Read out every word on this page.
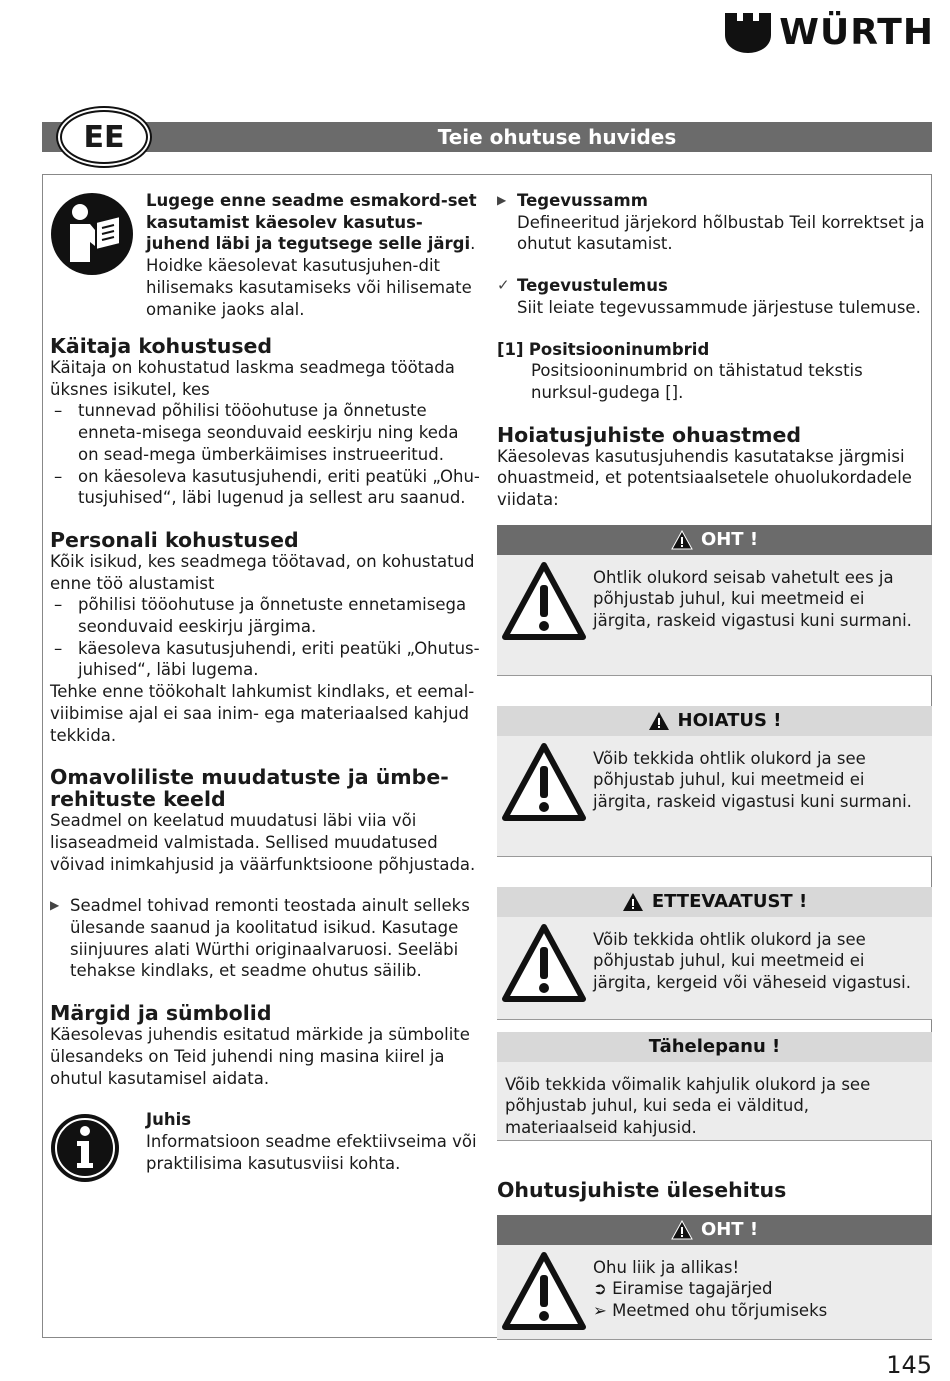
WÜRTH
Teie ohutuse huvides
EE

Lugege enne seadme esmakord-set kasutamist käesolev kasutus-juhend läbi ja tegutsege selle järgi. Hoidke käesolevat kasutusjuhen-dit hilisemaks kasutamiseks või hilisemate omanike jaoks alal.

Käitaja kohustused

Käitaja on kohustatud laskma seadmega töötada üksnes isikutel, kes

– tunnevad põhilisi tööohutuse ja õnnetuste enneta-misega seonduvaid eeskirju ning keda on sead-mega ümberkäimises instrueeritud.

– on käesoleva kasutusjuhendi, eriti peatüki „Ohu-tusjuhised“, läbi lugenud ja sellest aru saanud.

Personali kohustused

Kõik isikud, kes seadmega töötavad, on kohustatud enne töö alustamist

– põhilisi tööohutuse ja õnnetuste ennetamisega seonduvaid eeskirju järgima.

– käesoleva kasutusjuhendi, eriti peatüki „Ohutus-juhised“, läbi lugema.

Tehke enne töökohalt lahkumist kindlaks, et eemal-viibimise ajal ei saa inim- ega materiaalsed kahjud tekkida.

Omavoliliste muudatuste ja ümbe-rehituste keeld

Seadmel on keelatud muudatusi läbi viia või lisaseadmeid valmistada. Sellised muudatused võivad inimkahjusid ja väärfunktsioone põhjustada.

▶ Seadmel tohivad remonti teostada ainult selleks ülesande saanud ja koolitatud isikud. Kasutage siinjuures alati Würthi originaalvaruosi. Seeläbi tehakse kindlaks, et seadme ohutus säilib.

Märgid ja sümbolid

Käesolevas juhendis esitatud märkide ja sümbolite ülesandeks on Teid juhendi ning masina kiirel ja ohutul kasutamisel aidata.

Juhis

Informatsioon seadme efektiivseima või praktilisima kasutusviisi kohta.

▶ Tegevussamm

Defineeritud järjekord hõlbustab Teil korrektset ja ohutut kasutamist.

✓ Tegevustulemus

Siit leiate tegevussammude järjestuse tulemuse.

[1] Positsiooninumbrid

Positsiooninumbrid on tähistatud tekstis nurksul-gudega [].

Hoiatusjuhiste ohuastmed

Käesolevas kasutusjuhendis kasutatakse järgmisi ohuastmeid, et potentsiaalsetele ohuolukordadele viidata:

OHT !

Ohtlik olukord seisab vahetult ees ja põhjustab juhul, kui meetmeid ei järgita, raskeid vigastusi kuni surmani.

HOIATUS !

Võib tekkida ohtlik olukord ja see põhjustab juhul, kui meetmeid ei järgita, raskeid vigastusi kuni surmani.

ETTEVAATUST !

Võib tekkida ohtlik olukord ja see põhjustab juhul, kui meetmeid ei järgita, kergeid või väheseid vigastusi.

Tähelepanu !

Võib tekkida võimalik kahjulik olukord ja see põhjustab juhul, kui seda ei välditud, materiaalseid kahjusid.

Ohutusjuhiste ülesehitus
OHT !

Ohu liik ja allikas!

➲ Eiramise tagajärjed

➢ Meetmed ohu tõrjumiseks

145
